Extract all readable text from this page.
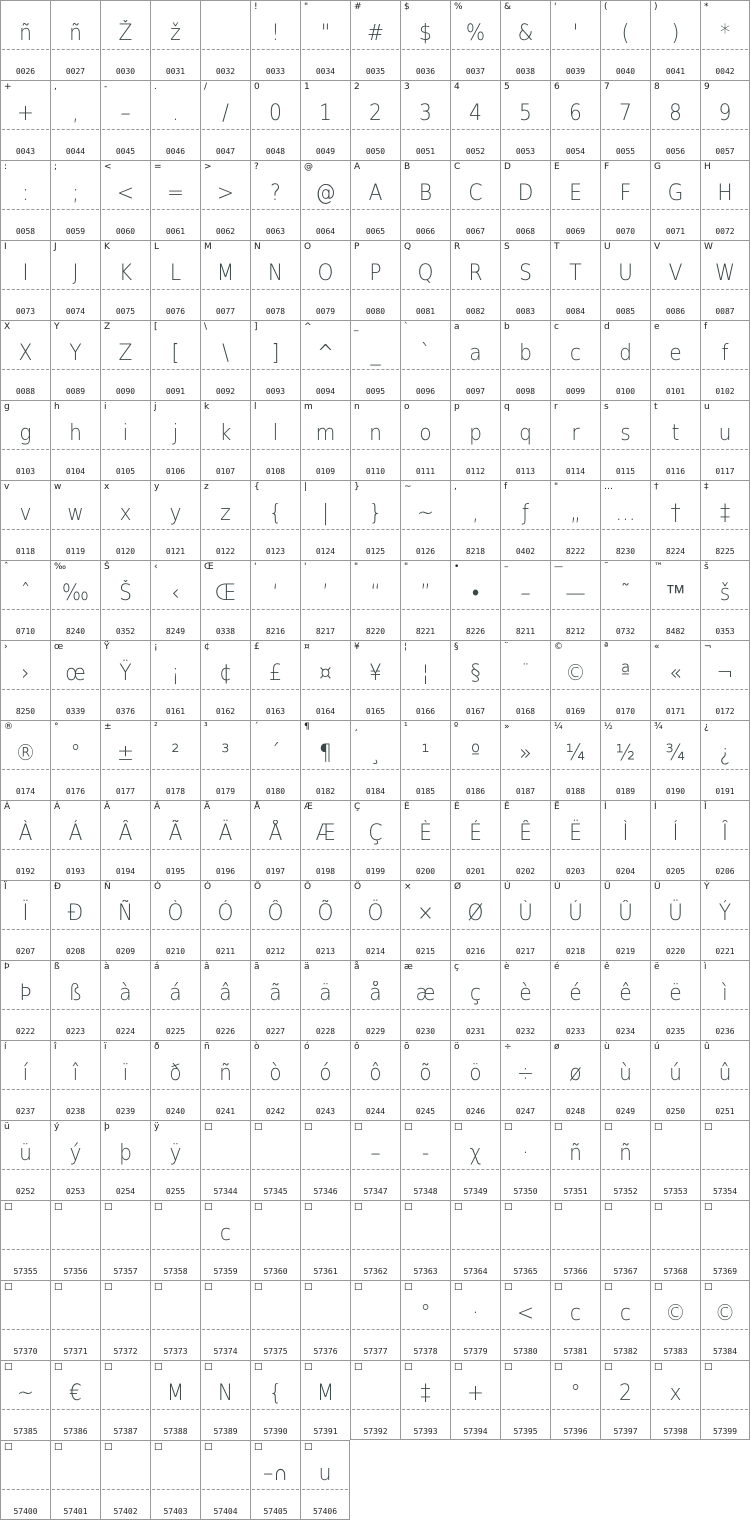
ñ
0026
ñ
0027
Ž
0030
ž
0031	0032
!
!
0033
"
"
0034
#
#
0035
$
$
0036
%
%
0037
&
&
0038
'
'
0039
(
(
0040
)
)
0041
*
*
0042
+
+
0043
,
,
0044
-
–
0045
.
.
0046
/
/
0047
0
0
0048
1
1
0049
2
2
0050
3
3
0051
4
4
0052
5
5
0053
6
6
0054
7
7
0055
8
8
0056
9
9
0057
:
:
0058
;
;
0059
<
<
0060
=
=
0061
>
>
0062
?
?
0063
@
@
0064
A
A
0065
B
B
0066
C
C
0067
D
D
0068
E
E
0069
F
F
0070
G
G
0071
H
H
0072
I
I
0073
J
J
0074
K
K
0075
L
L
0076
M
M
0077
N
N
0078
O
O
0079
P
P
0080
Q
Q
0081
R
R
0082
S
S
0083
T
T
0084
U
U
0085
V
V
0086
W
W
0087
X
X
0088
Y
Y
0089
Z
Z
0090
[
[
0091
\
\
0092
]
]
0093
^
^
0094
_
_
0095
`
`
0096
a
a
0097
b
b
0098
c
c
0099
d
d
0100
e
e
0101
f
f
0102
g
g
0103
h
h
0104
i
i
0105
j
j
0106
k
k
0107
l
l
0108
m
m
0109
n
n
0110
o
o
0111
p
p
0112
q
q
0113
r
r
0114
s
s
0115
t
t
0116
u
u
0117
v
v
0118
w
w
0119
x
x
0120
y
y
0121
z
z
0122
{
{
0123
|
|
0124
}
}
0125
~
~
0126
,
,
8218
f
ƒ
0402
"
„
8222
…
…
8230
†
†
8224
‡
‡
8225
ˆ
ˆ
0710
‰
‰
8240
Š
Š
0352
‹
‹
8249
Œ
Œ
0338
'
‘
8216
'
’
8217
"
“
8220
"
”
8221
•
•
8226
–
–
8211
—
—
8212
˜
˜
0732
™
™
8482
š
š
0353
›
›
8250
œ
œ
0339
Ÿ
Ÿ
0376
¡
¡
0161
¢
¢
0162
£
£
0163
¤
¤
0164
¥
¥
0165
¦
¦
0166
§
§
0167
¨
¨
0168
©
©
0169
ª
ª
0170
«
«
0171
¬
¬
0172
®
®
0174
°
°
0176
±
±
0177
²
²
0178
³
³
0179
´
´
0180
¶
¶
0182
¸
¸
0184
¹
¹
0185
º
º
0186
»
»
0187
¼
¼
0188
½
½
0189
¾
¾
0190
¿
¿
0191
À
À
0192
Á
Á
0193
Â
Â
0194
Ã
Ã
0195
Ä
Ä
0196
Å
Å
0197
Æ
Æ
0198
Ç
Ç
0199
È
È
0200
É
É
0201
Ê
Ê
0202
Ë
Ë
0203
Ì
Ì
0204
Í
Í
0205
Î
Î
0206
Ï
Ï
0207
Ð
Ð
0208
Ñ
Ñ
0209
Ò
Ò
0210
Ó
Ó
0211
Ô
Ô
0212
Õ
Õ
0213
Ö
Ö
0214
×
×
0215
Ø
Ø
0216
Ù
Ù
0217
Ú
Ú
0218
Û
Û
0219
Ü
Ü
0220
Ý
Ý
0221
Þ
Þ
0222
ß
ß
0223
à
à
0224
á
á
0225
â
â
0226
ã
ã
0227
ä
ä
0228
å
å
0229
æ
æ
0230
ç
ç
0231
è
è
0232
é
é
0233
ê
ê
0234
ë
ë
0235
ì
ì
0236
í
í
0237
î
î
0238
ï
ï
0239
ð
ð
0240
ñ
ñ
0241
ò
ò
0242
ó
ó
0243
ô
ô
0244
õ
õ
0245
ö
ö
0246
÷
÷
0247
ø
ø
0248
ù
ù
0249
ú
ú
0250
û
û
0251
ü
ü
0252
ý
ý
0253
þ
þ
0254
ÿ
ÿ
0255
□
57344
□
57345
□
57346
□
–
57347
□
-
57348
□
χ
57349
□
·
57350
□
ñ
57351
□
ñ
57352
□
57353
□
57354
□
57355
□
57356
□
57357
□
57358
□
c
57359
□
57360
□
57361
□
57362
□
57363
□
57364
□
57365
□
57366
□
57367
□
57368
□
57369
□
57370
□
57371
□
57372
□
57373
□
57374
□
57375
□
57376
□
57377
□
°
57378
□
·
57379
□
<
57380
□
c
57381
□
c
57382
□
©
57383
□
©
57384
□
~
57385
□
€
57386
□
57387
□
M
57388
□
N
57389
□
{
57390
□
M
57391
□
57392
□
‡
57393
□
+
57394
□
57395
□
°
57396
□
2
57397
□
x
57398
□
57399
□
57400
□
57401
□
57402
□
57403
□
57404
□
–∩
57405
□
u
57406
